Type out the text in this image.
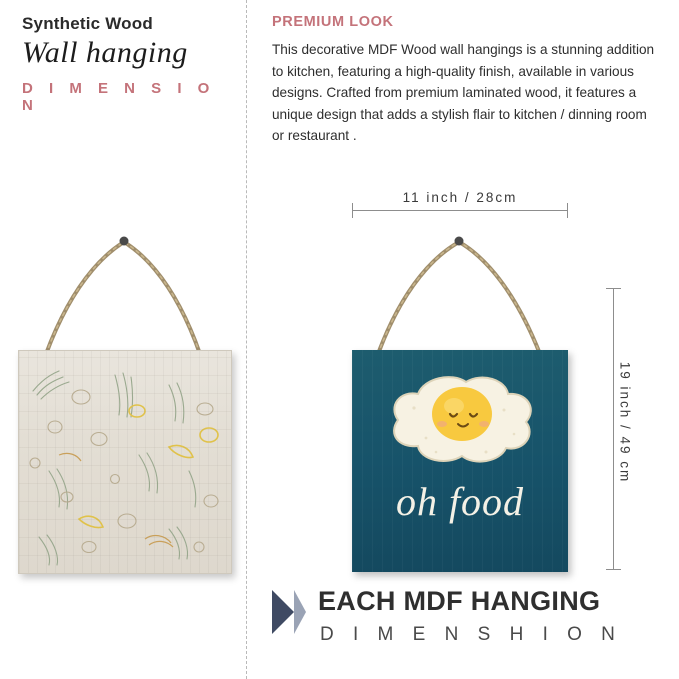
Synthetic Wood
Wall hanging
D I M E N S I O N
PREMIUM LOOK
This decorative MDF Wood wall hangings is a stunning addition to kitchen, featuring a high-quality finish, available in various designs. Crafted from premium laminated wood, it features a unique design that adds a stylish flair to kitchen / dinning room or restaurant .
11 inch / 28cm
19 inch / 49 cm
oh food
EACH MDF HANGING
D I M E N S H I O N
